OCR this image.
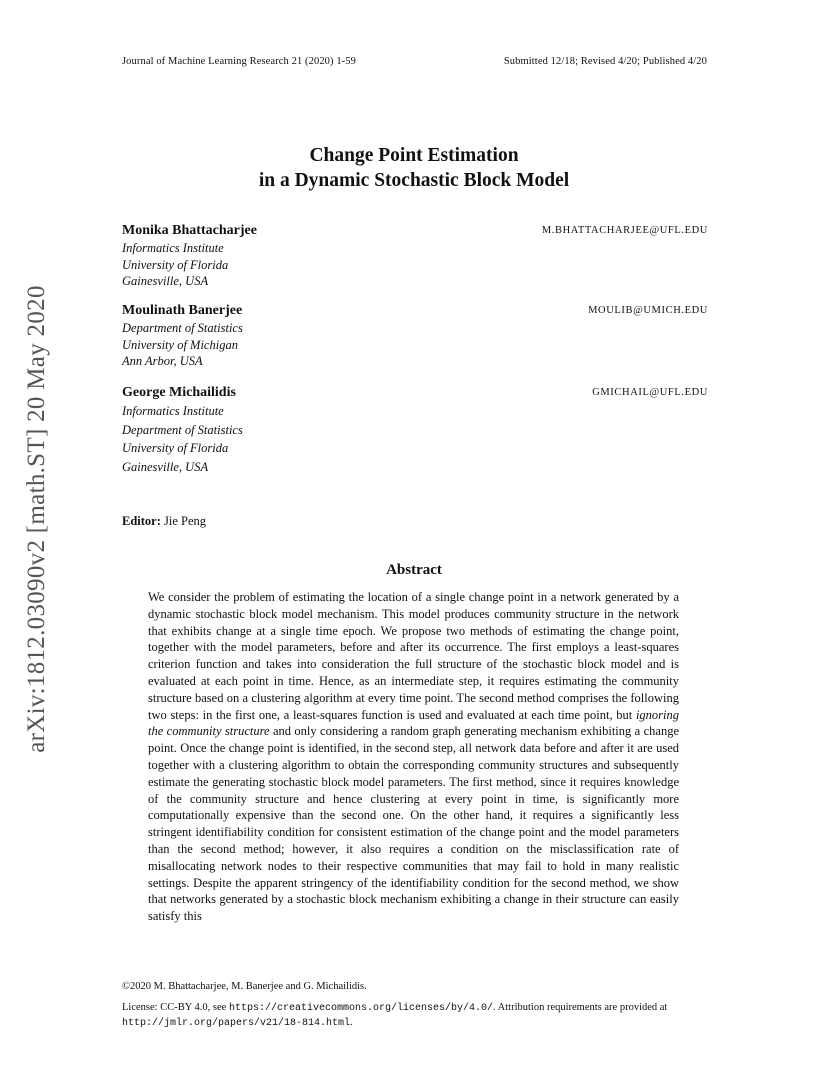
Journal of Machine Learning Research 21 (2020) 1-59	Submitted 12/18; Revised 4/20; Published 4/20
arXiv:1812.03090v2 [math.ST] 20 May 2020
Change Point Estimation
in a Dynamic Stochastic Block Model
Monika Bhattacharjee	M.BHATTACHARJEE@UFL.EDU
Informatics Institute
University of Florida
Gainesville, USA
Moulinath Banerjee	MOULIB@UMICH.EDU
Department of Statistics
University of Michigan
Ann Arbor, USA
George Michailidis	GMICHAIL@UFL.EDU
Informatics Institute
Department of Statistics
University of Florida
Gainesville, USA
Editor: Jie Peng
Abstract
We consider the problem of estimating the location of a single change point in a network generated by a dynamic stochastic block model mechanism. This model produces community structure in the network that exhibits change at a single time epoch. We propose two methods of estimating the change point, together with the model parameters, before and after its occurrence. The first employs a least-squares criterion function and takes into consideration the full structure of the stochastic block model and is evaluated at each point in time. Hence, as an intermediate step, it requires estimating the community structure based on a clustering algorithm at every time point. The second method comprises the following two steps: in the first one, a least-squares function is used and evaluated at each time point, but ignoring the community structure and only considering a random graph generating mechanism exhibiting a change point. Once the change point is identified, in the second step, all network data before and after it are used together with a clustering algorithm to obtain the corresponding community structures and subsequently estimate the generating stochastic block model parameters. The first method, since it requires knowledge of the community structure and hence clustering at every point in time, is significantly more computationally expensive than the second one. On the other hand, it requires a significantly less stringent identifiability condition for consistent estimation of the change point and the model parameters than the second method; however, it also requires a condition on the misclassification rate of misallocating network nodes to their respective communities that may fail to hold in many realistic settings. Despite the apparent stringency of the identifiability condition for the second method, we show that networks generated by a stochastic block mechanism exhibiting a change in their structure can easily satisfy this
©2020 M. Bhattacharjee, M. Banerjee and G. Michailidis.
License: CC-BY 4.0, see https://creativecommons.org/licenses/by/4.0/. Attribution requirements are provided at http://jmlr.org/papers/v21/18-814.html.
